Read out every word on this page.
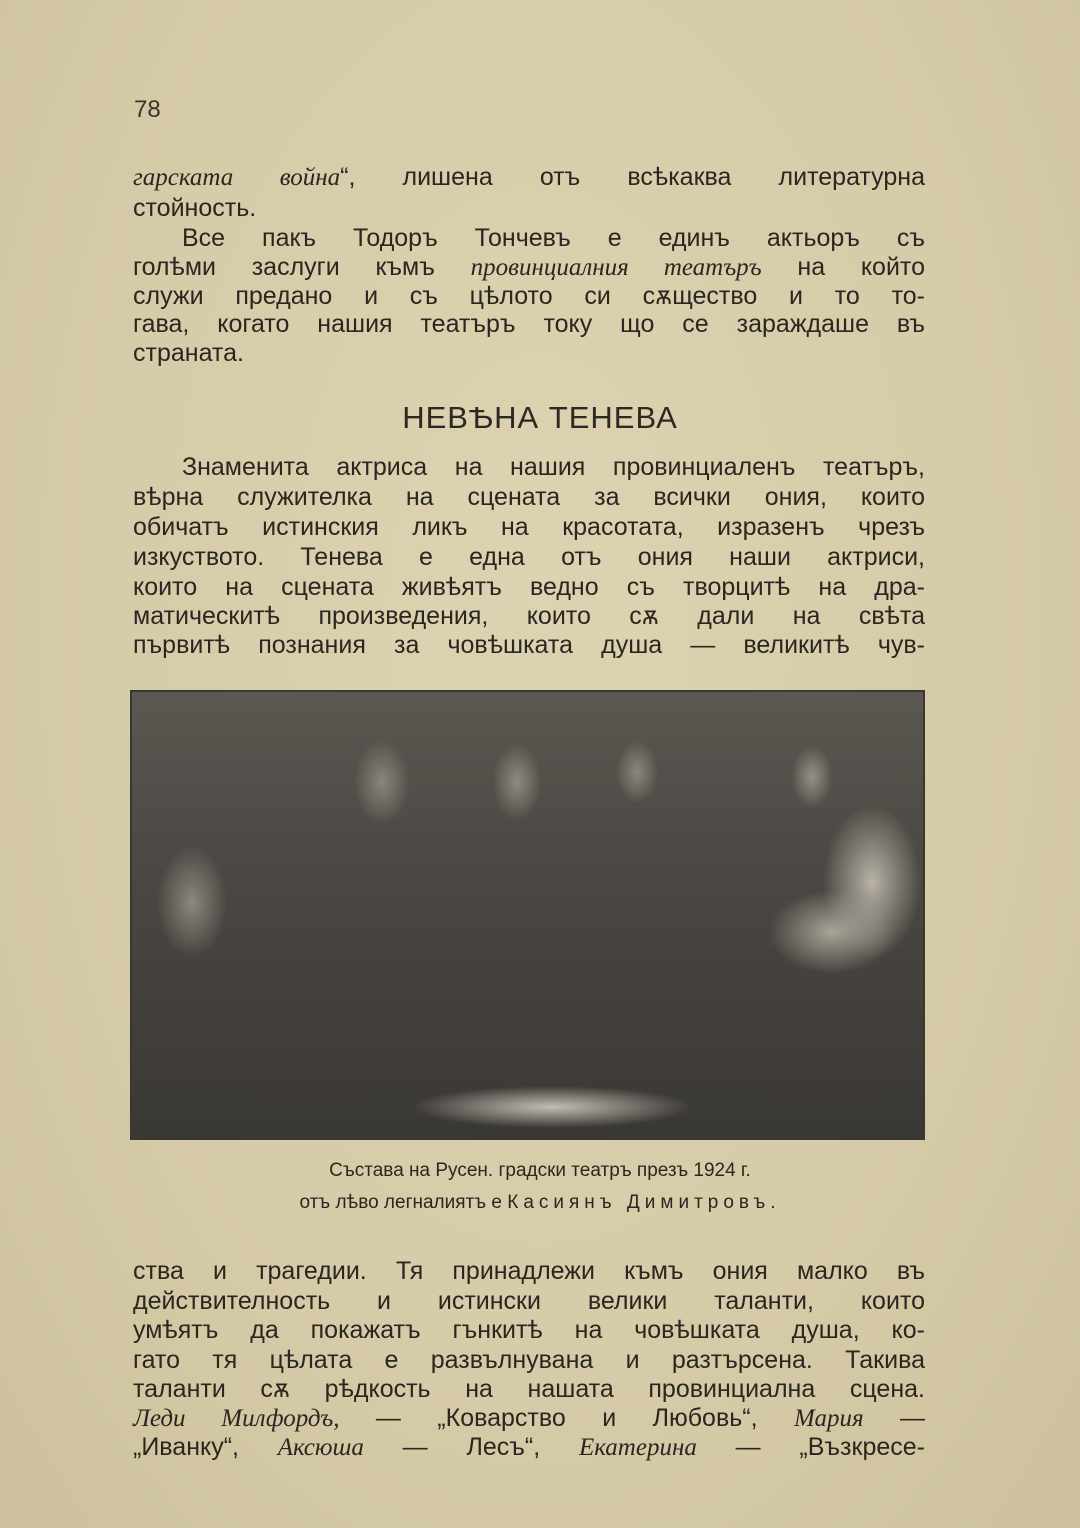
78
гарската война“, лишена отъ всѣкаква литературна
стойность.
Все пакъ Тодоръ Тончевъ е единъ актьоръ съ
голѣми заслуги къмъ провинциалния театъръ на който
служи предано и съ цѣлото си сѫщество и то то-
гава, когато нашия театъръ току що се зараждаше въ
страната.
НЕВѢНА ТЕНЕВА
Знаменита актриса на нашия провинциаленъ театъръ,
вѣрна служителка на сцената за всички ония, които
обичатъ истинския ликъ на красотата, изразенъ чрезъ
изкуството. Тенева е една отъ ония наши актриси,
които на сцената живѣятъ ведно съ творцитѣ на дра-
матическитѣ произведения, които сѫ дали на свѣта
първитѣ познания за човѣшката душа — великитѣ чув-
Състава на Русен. градски театръ презъ 1924 г.
отъ лѣво легналиятъ е Касиянъ Димитровъ.
ства и трагедии. Тя принадлежи къмъ ония малко въ
действителность и истински велики таланти, които
умѣятъ да покажатъ гънкитѣ на човѣшката душа, ко-
гато тя цѣлата е развълнувана и разтърсена. Такива
таланти сѫ рѣдкость на нашата провинциална сцена.
Леди Милфордъ, — „Коварство и Любовь“, Мария —
„Иванку“, Аксюша — Лесъ“, Екатерина — „Възкресе-
